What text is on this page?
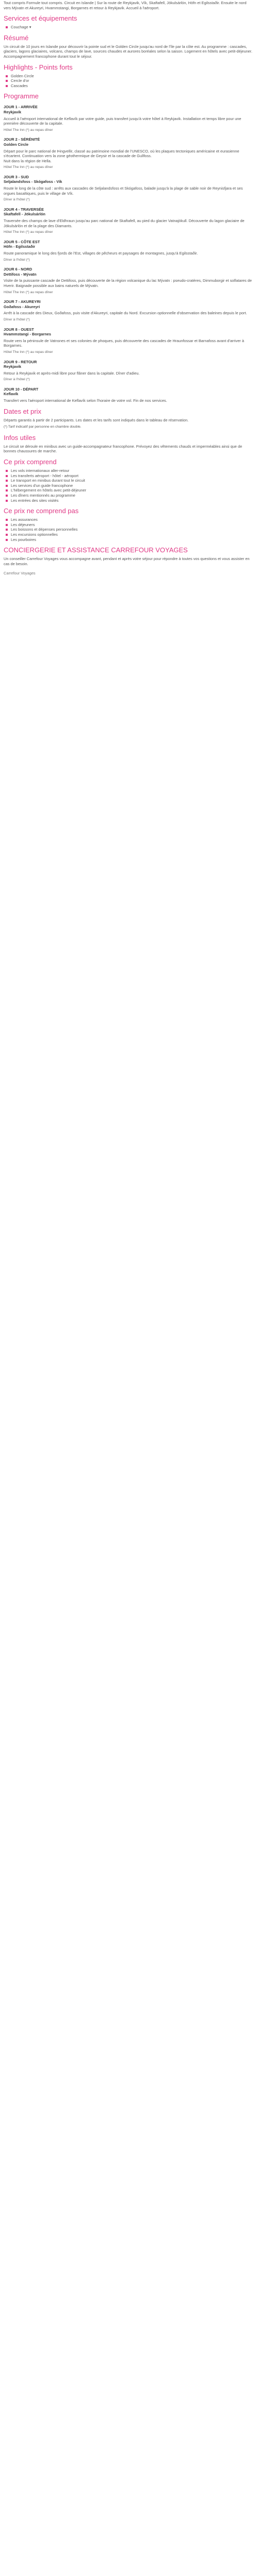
Tout compris Formule tout compris. Circuit en Islande | Sur la route de Reykjavik, Vík, Skaftafell, Jökulsárlón, Höfn et Egilsstaðir. Ensuite le nord vers Mývatn et Akureyri, Hvammstangi, Borgarnes et retour à Reykjavik. Accueil à l'aéroport.

Services et équipements
Couchage ▾
Résumé

Un circuit de 10 jours en Islande pour découvrir la pointe sud et le Golden Circle jusqu'au nord de l'île par la côte est. Au programme : cascades, glaciers, lagons glaciaires, volcans, champs de lave, sources chaudes et aurores boréales selon la saison. Logement en hôtels avec petit-déjeuner. Accompagnement francophone durant tout le séjour.

Highlights - Points forts
Golden Circle
Cercle d'or
Cascades
Programme

JOUR 1 - ARRIVÉE

Reykjavik

Accueil à l'aéroport international de Keflavík par votre guide, puis transfert jusqu'à votre hôtel à Reykjavik. Installation et temps libre pour une première découverte de la capitale.

Hôtel The Inn (*) au repas dîner

JOUR 2 - SÉRÉNITÉ

Golden Circle

Départ pour le parc national de Þingvellir, classé au patrimoine mondial de l'UNESCO, où les plaques tectoniques américaine et eurasienne s'écartent. Continuation vers la zone géothermique de Geysir et la cascade de Gullfoss.

Nuit dans la région de Hella.

Hôtel The Inn (*) au repas dîner

JOUR 3 - SUD

Seljalandsfoss - Skógafoss - Vík

Route le long de la côte sud : arrêts aux cascades de Seljalandsfoss et Skógafoss, balade jusqu'à la plage de sable noir de Reynisfjara et ses orgues basaltiques, puis le village de Vík.

Dîner à l'hôtel (*)

JOUR 4 - TRAVERSÉE

Skaftafell - Jökulsárlón

Traversée des champs de lave d'Eldhraun jusqu'au parc national de Skaftafell, au pied du glacier Vatnajökull. Découverte du lagon glaciaire de Jökulsárlón et de la plage des Diamants.

Hôtel The Inn (*) au repas dîner

JOUR 5 - CÔTE EST

Höfn - Egilsstaðir

Route panoramique le long des fjords de l'Est, villages de pêcheurs et paysages de montagnes, jusqu'à Egilsstaðir.

Dîner à l'hôtel (*)

JOUR 6 - NORD

Dettifoss - Mývatn

Visite de la puissante cascade de Dettifoss, puis découverte de la région volcanique du lac Mývatn : pseudo-cratères, Dimmuborgir et solfatares de Hverir. Baignade possible aux bains naturels de Mývatn.

Hôtel The Inn (*) au repas dîner

JOUR 7 - AKUREYRI

Goðafoss - Akureyri

Arrêt à la cascade des Dieux, Goðafoss, puis visite d'Akureyri, capitale du Nord. Excursion optionnelle d'observation des baleines depuis le port.

Dîner à l'hôtel (*)

JOUR 8 - OUEST

Hvammstangi - Borgarnes

Route vers la péninsule de Vatnsnes et ses colonies de phoques, puis découverte des cascades de Hraunfossar et Barnafoss avant d'arriver à Borgarnes.

Hôtel The Inn (*) au repas dîner

JOUR 9 - RETOUR

Reykjavik

Retour à Reykjavik et après-midi libre pour flâner dans la capitale. Dîner d'adieu.

Dîner à l'hôtel (*)

JOUR 10 - DÉPART

Keflavík

Transfert vers l'aéroport international de Keflavík selon l'horaire de votre vol. Fin de nos services.

Dates et prix

Départs garantis à partir de 2 participants. Les dates et les tarifs sont indiqués dans le tableau de réservation.

(*) Tarif indicatif par personne en chambre double.

Infos utiles

Le circuit se déroule en minibus avec un guide-accompagnateur francophone. Prévoyez des vêtements chauds et imperméables ainsi que de bonnes chaussures de marche.

Ce prix comprend
Les vols internationaux aller-retour
Les transferts aéroport - hôtel - aéroport
Le transport en minibus durant tout le circuit
Les services d'un guide francophone
L'hébergement en hôtels avec petit-déjeuner
Les dîners mentionnés au programme
Les entrées des sites visités
Ce prix ne comprend pas
Les assurances
Les déjeuners
Les boissons et dépenses personnelles
Les excursions optionnelles
Les pourboires
CONCIERGERIE ET ASSISTANCE CARREFOUR VOYAGES

Un conseiller Carrefour Voyages vous accompagne avant, pendant et après votre séjour pour répondre à toutes vos questions et vous assister en cas de besoin.

Carrefour Voyages
